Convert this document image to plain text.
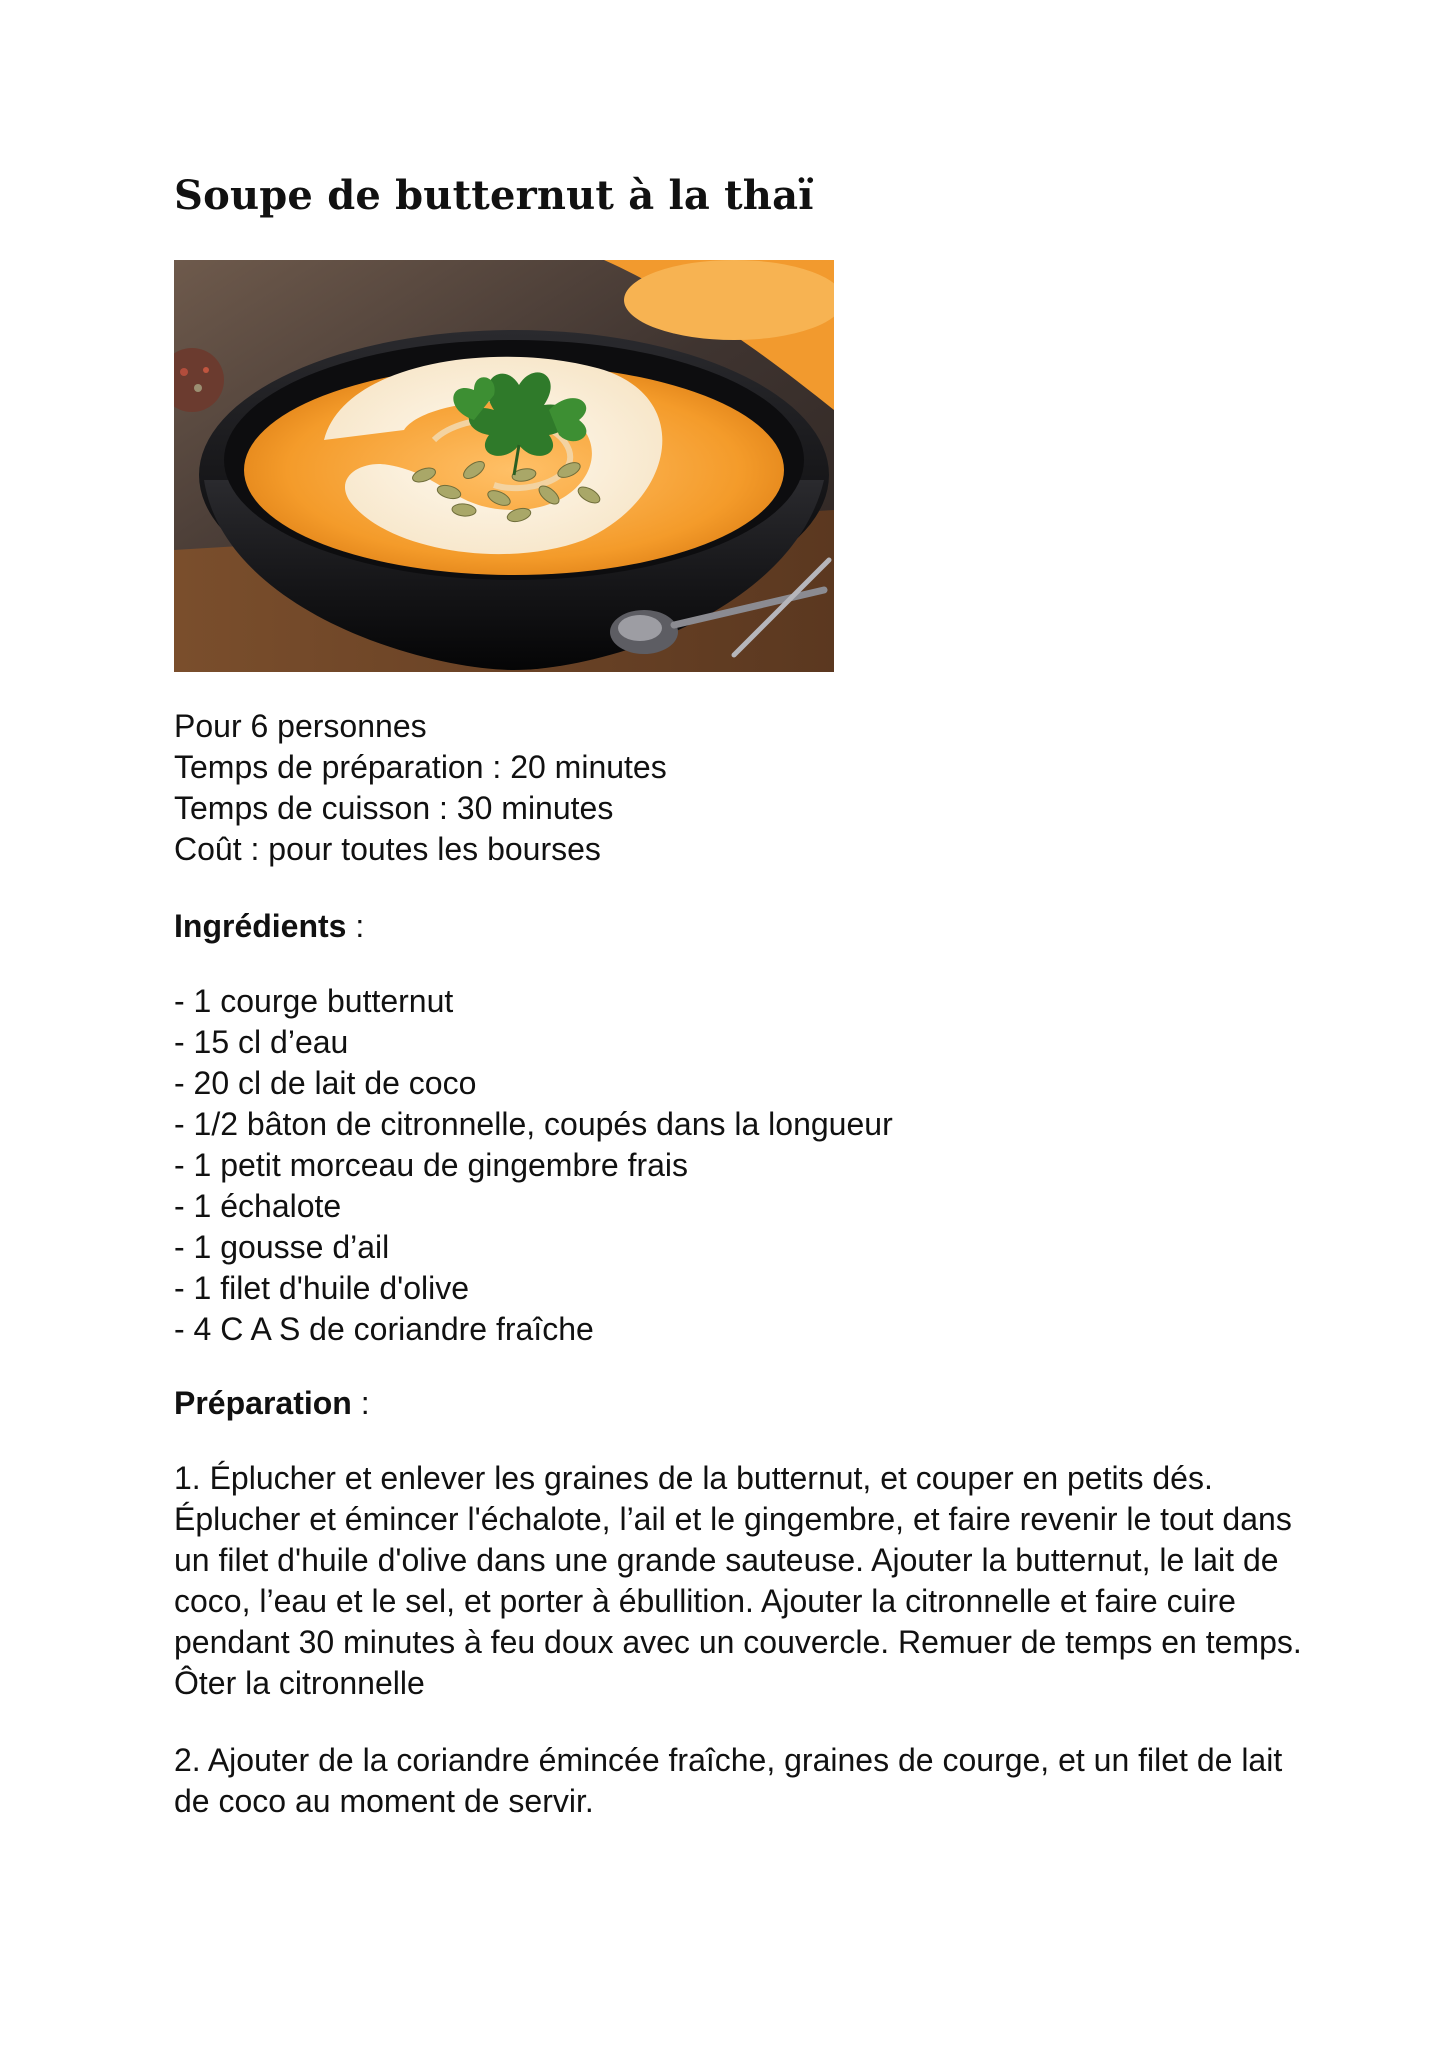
Soupe de butternut à la thaï
Pour 6 personnes
Temps de préparation : 20 minutes
Temps de cuisson : 30 minutes
Coût : pour toutes les bourses
Ingrédients :
- 1 courge butternut
- 15 cl d’eau
- 20 cl de lait de coco
- 1/2 bâton de citronnelle, coupés dans la longueur
- 1 petit morceau de gingembre frais
- 1 échalote
- 1 gousse d’ail
- 1 filet d'huile d'olive
- 4 C A S de coriandre fraîche
Préparation :

1. Éplucher et enlever les graines de la butternut, et couper en petits dés. Éplucher et émincer l'échalote, l’ail et le gingembre, et faire revenir le tout dans un filet d'huile d'olive dans une grande sauteuse. Ajouter la butternut, le lait de coco, l’eau et le sel, et porter à ébullition. Ajouter la citronnelle et faire cuire pendant 30 minutes à feu doux avec un couvercle. Remuer de temps en temps. Ôter la citronnelle

2. Ajouter de la coriandre émincée fraîche, graines de courge, et un filet de lait de coco au moment de servir.
